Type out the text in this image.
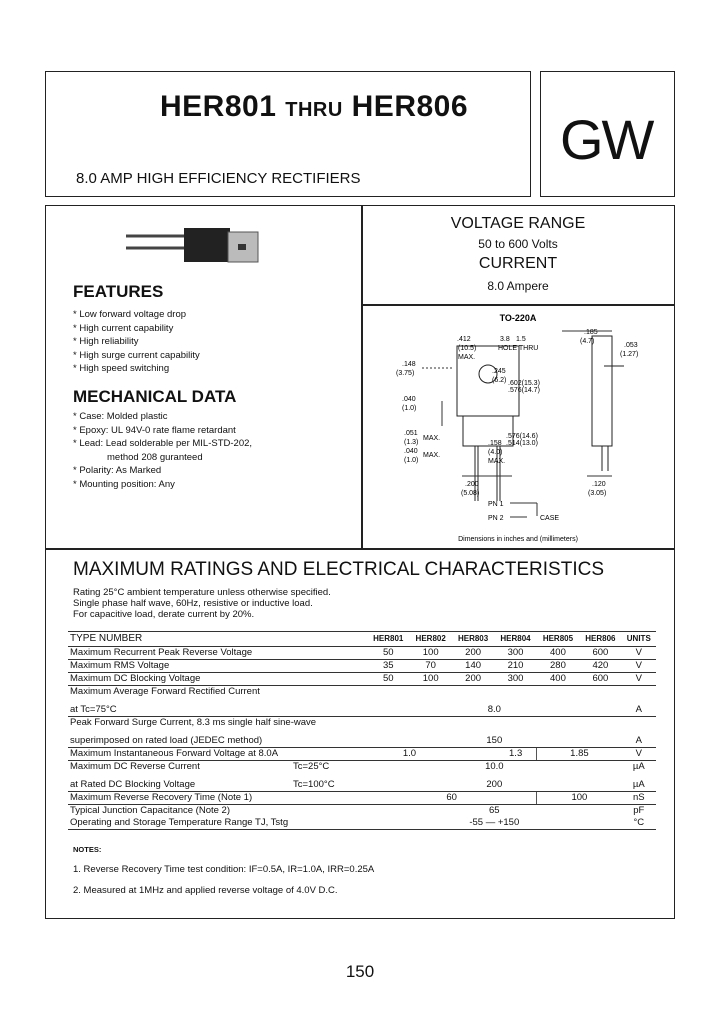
HER801 THRU HER806
8.0 AMP HIGH EFFICIENCY RECTIFIERS
GW
FEATURES
* Low forward voltage drop
* High current capability
* High reliability
* High surge current capability
* High speed switching
MECHANICAL DATA
* Case: Molded plastic
* Epoxy: UL 94V-0 rate flame retardant
* Lead: Lead solderable per MIL-STD-202,
method 208 guranteed
* Polarity: As Marked
* Mounting position: Any
VOLTAGE RANGE
50 to 600 Volts
CURRENT
8.0 Ampere
TO-220A
.412
(10.5)
MAX.
3.8 1.5
HOLE THRU
.148
(3.75)	.245
(6.2) .602(15.3)
.576(14.7)
.040
(1.0)
.051
(1.3)
MAX.
.040
(1.0)
MAX.
.576(14.6)
.158 .514(13.0)
(4.0)
MAX.
.200
(5.08)
.185
(4.7)
.053
(1.27)
.120
(3.05)
PN 1
PN 2	CASE
Dimensions in inches and (millimeters)
MAXIMUM RATINGS AND ELECTRICAL CHARACTERISTICS
Rating 25°C ambient temperature unless otherwise specified.
Single phase half wave, 60Hz, resistive or inductive load.
For capacitive load, derate current by 20%.
TYPE NUMBER	HER801	HER802	HER803	HER804	HER805	HER806	UNITS
Maximum Recurrent Peak Reverse Voltage	50	100	200	300	400	600	V
Maximum RMS Voltage	35	70	140	210	280	420	V
Maximum DC Blocking Voltage	50	100	200	300	400	600	V
Maximum Average Forward Rectified Current							
at Tc=75°C	8.0						A
Peak Forward Surge Current, 8.3 ms single half sine-wave							
superimposed on rated load (JEDEC method)	150						A
Maximum Instantaneous Forward Voltage at 8.0A	1.0		1.3		1.85		V
Maximum DC Reverse Current Tc=25°C	10.0						µA
at Rated DC Blocking Voltage Tc=100°C	200						µA
Maximum Reverse Recovery Time (Note 1)	60				100		nS
Typical Junction Capacitance (Note 2)	65						pF
Operating and Storage Temperature Range TJ, Tstg	-55 — +150						°C
NOTES:
1. Reverse Recovery Time test condition: IF=0.5A, IR=1.0A, IRR=0.25A
2. Measured at 1MHz and applied reverse voltage of 4.0V D.C.
150
